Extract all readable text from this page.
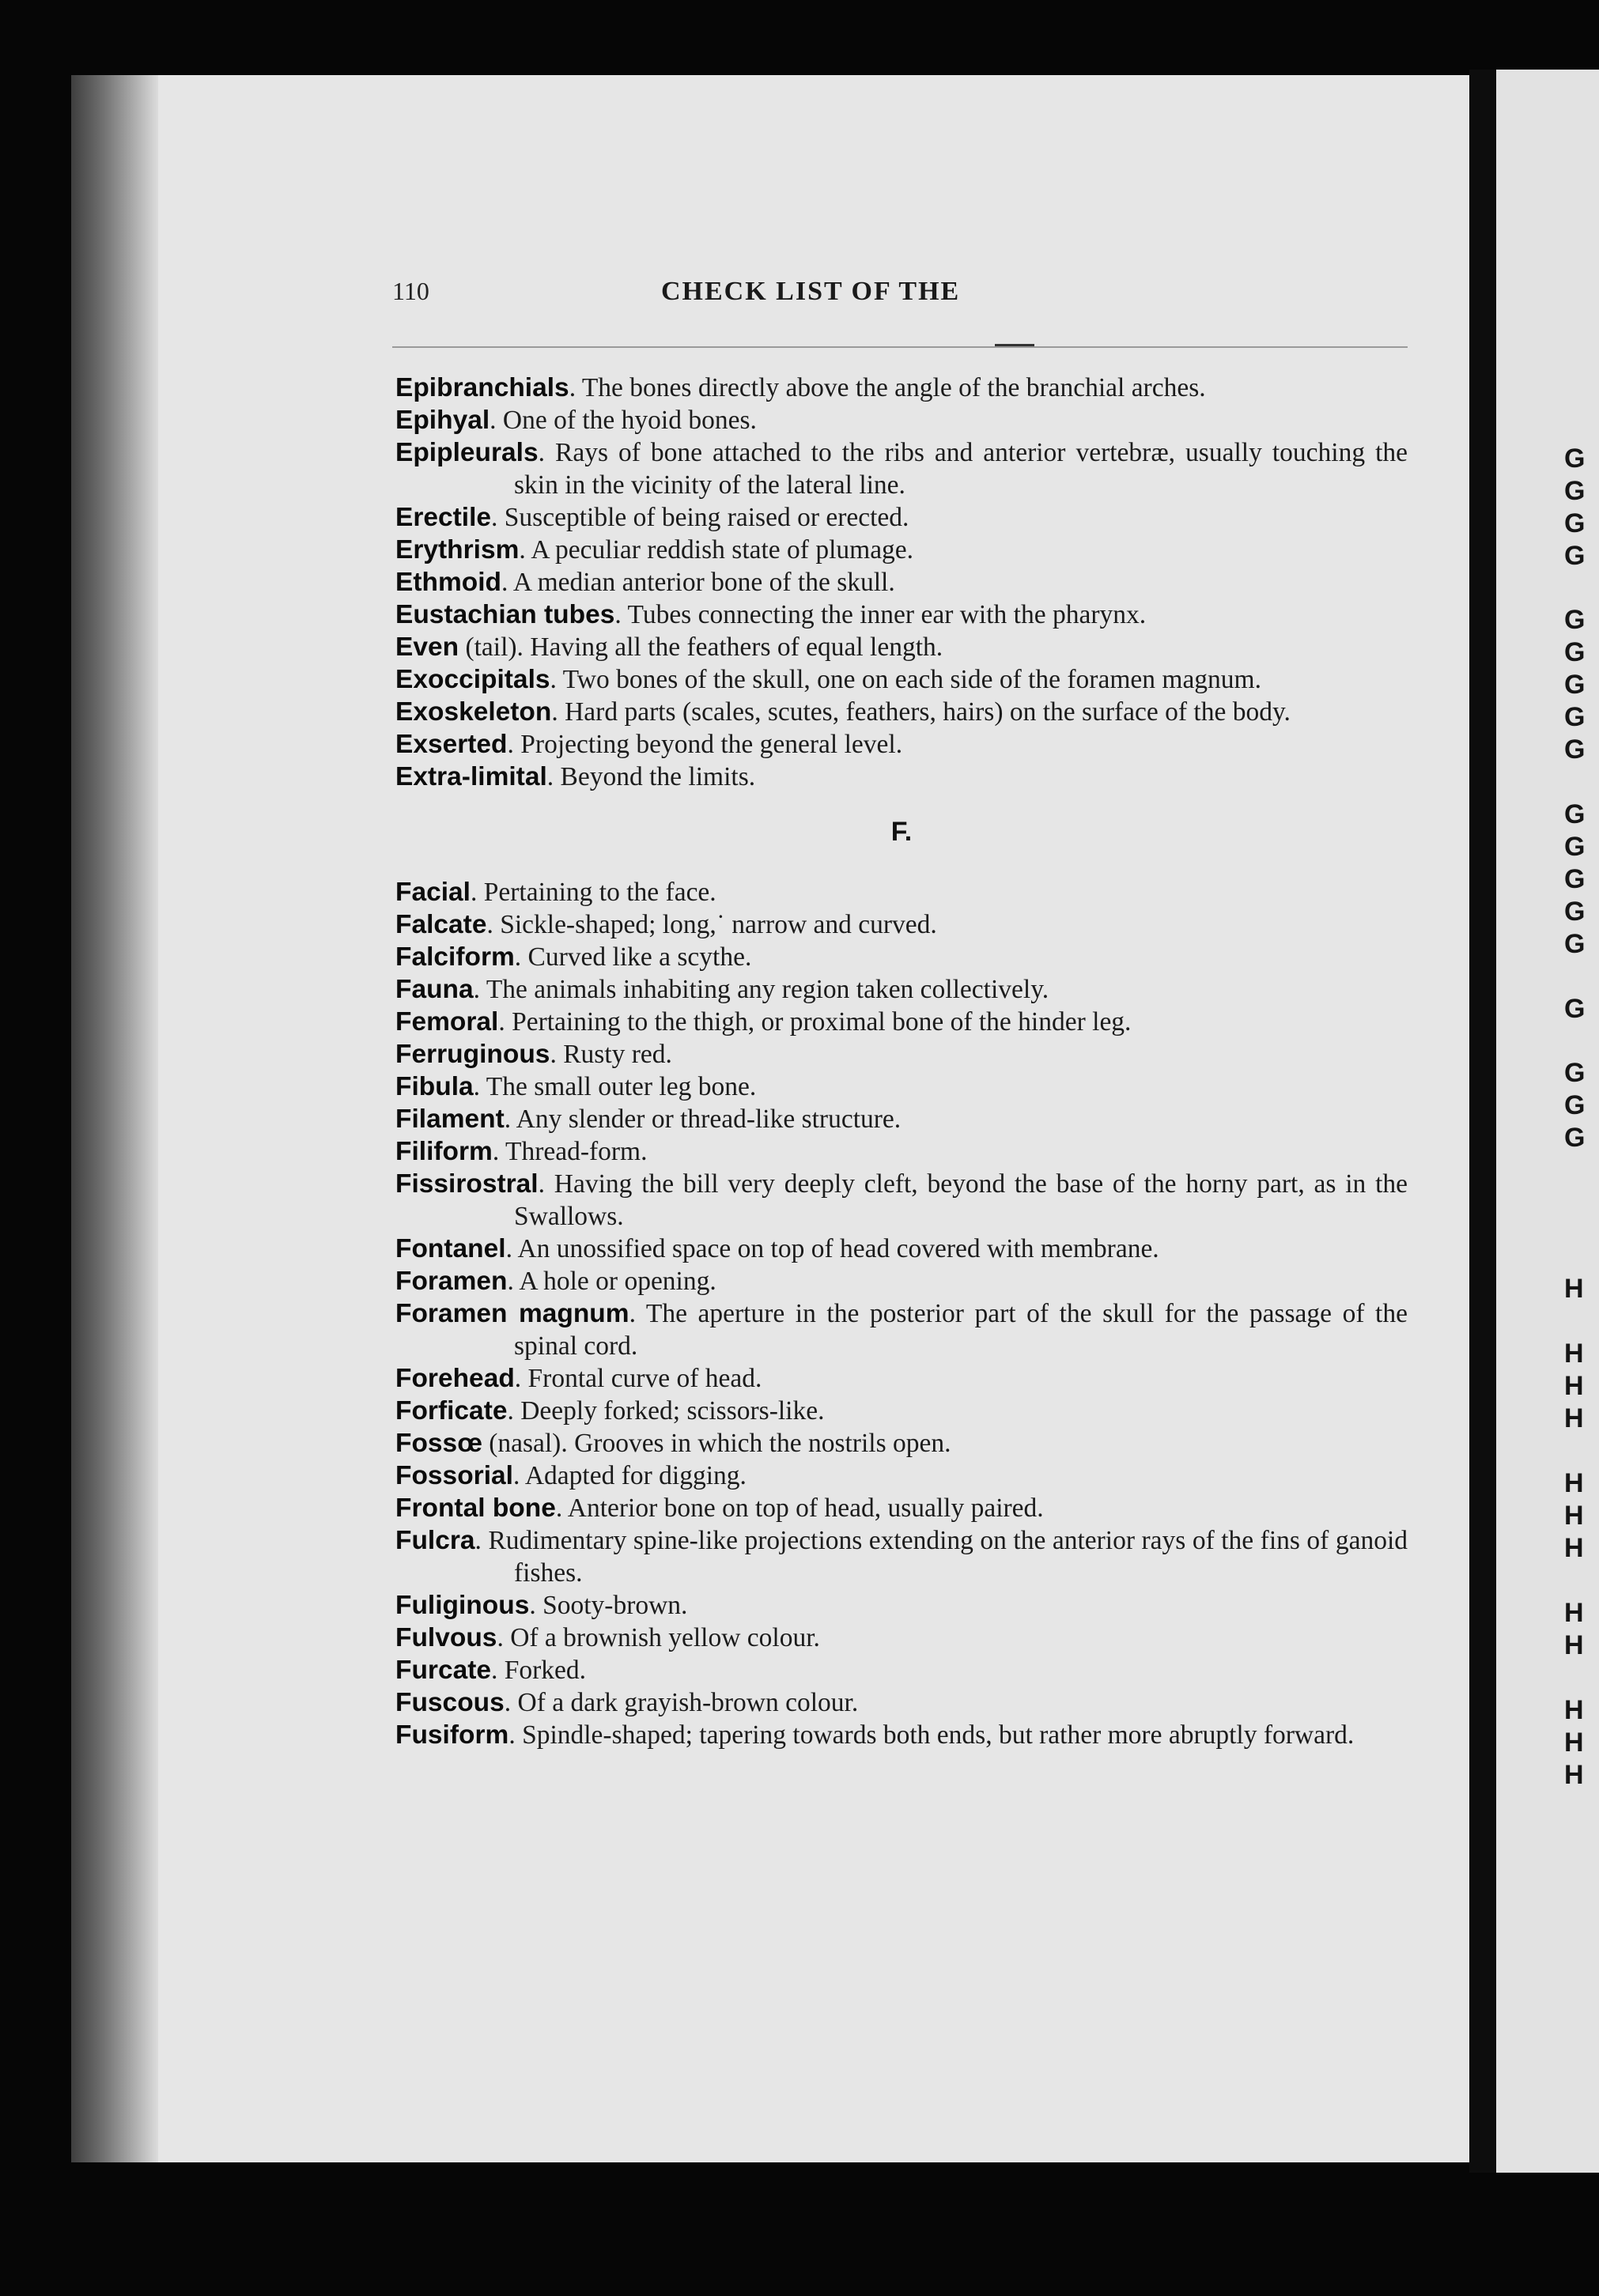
110	CHECK LIST OF THE
Epibranchials. The bones directly above the angle of the branchial arches.
Epihyal. One of the hyoid bones.
Epipleurals. Rays of bone attached to the ribs and anterior vertebræ, usually touching the skin in the vicinity of the lateral line.
Erectile. Susceptible of being raised or erected.
Erythrism. A peculiar reddish state of plumage.
Ethmoid. A median anterior bone of the skull.
Eustachian tubes. Tubes connecting the inner ear with the pharynx.
Even (tail). Having all the feathers of equal length.
Exoccipitals. Two bones of the skull, one on each side of the foramen magnum.
Exoskeleton. Hard parts (scales, scutes, feathers, hairs) on the surface of the body.
Exserted. Projecting beyond the general level.
Extra-limital. Beyond the limits.
F.
Facial. Pertaining to the face.
Falcate. Sickle-shaped; long,˙ narrow and curved.
Falciform. Curved like a scythe.
Fauna. The animals inhabiting any region taken collectively.
Femoral. Pertaining to the thigh, or proximal bone of the hinder leg.
Ferruginous. Rusty red.
Fibula. The small outer leg bone.
Filament. Any slender or thread-like structure.
Filiform. Thread-form.
Fissirostral. Having the bill very deeply cleft, beyond the base of the horny part, as in the Swallows.
Fontanel. An unossified space on top of head covered with membrane.
Foramen. A hole or opening.
Foramen magnum. The aperture in the posterior part of the skull for the passage of the spinal cord.
Forehead. Frontal curve of head.
Forficate. Deeply forked; scissors-like.
Fossœ (nasal). Grooves in which the nostrils open.
Fossorial. Adapted for digging.
Frontal bone. Anterior bone on top of head, usually paired.
Fulcra. Rudimentary spine-like projections extending on the anterior rays of the fins of ganoid fishes.
Fuliginous. Sooty-brown.
Fulvous. Of a brownish yellow colour.
Furcate. Forked.
Fuscous. Of a dark grayish-brown colour.
Fusiform. Spindle-shaped; tapering towards both ends, but rather more abruptly forward.
G
G
G
G
G
G
G
G
G
G
G
G
G
G
G
G
G
G
H
H
H
H
H
H
H
H
H
H
H
H
